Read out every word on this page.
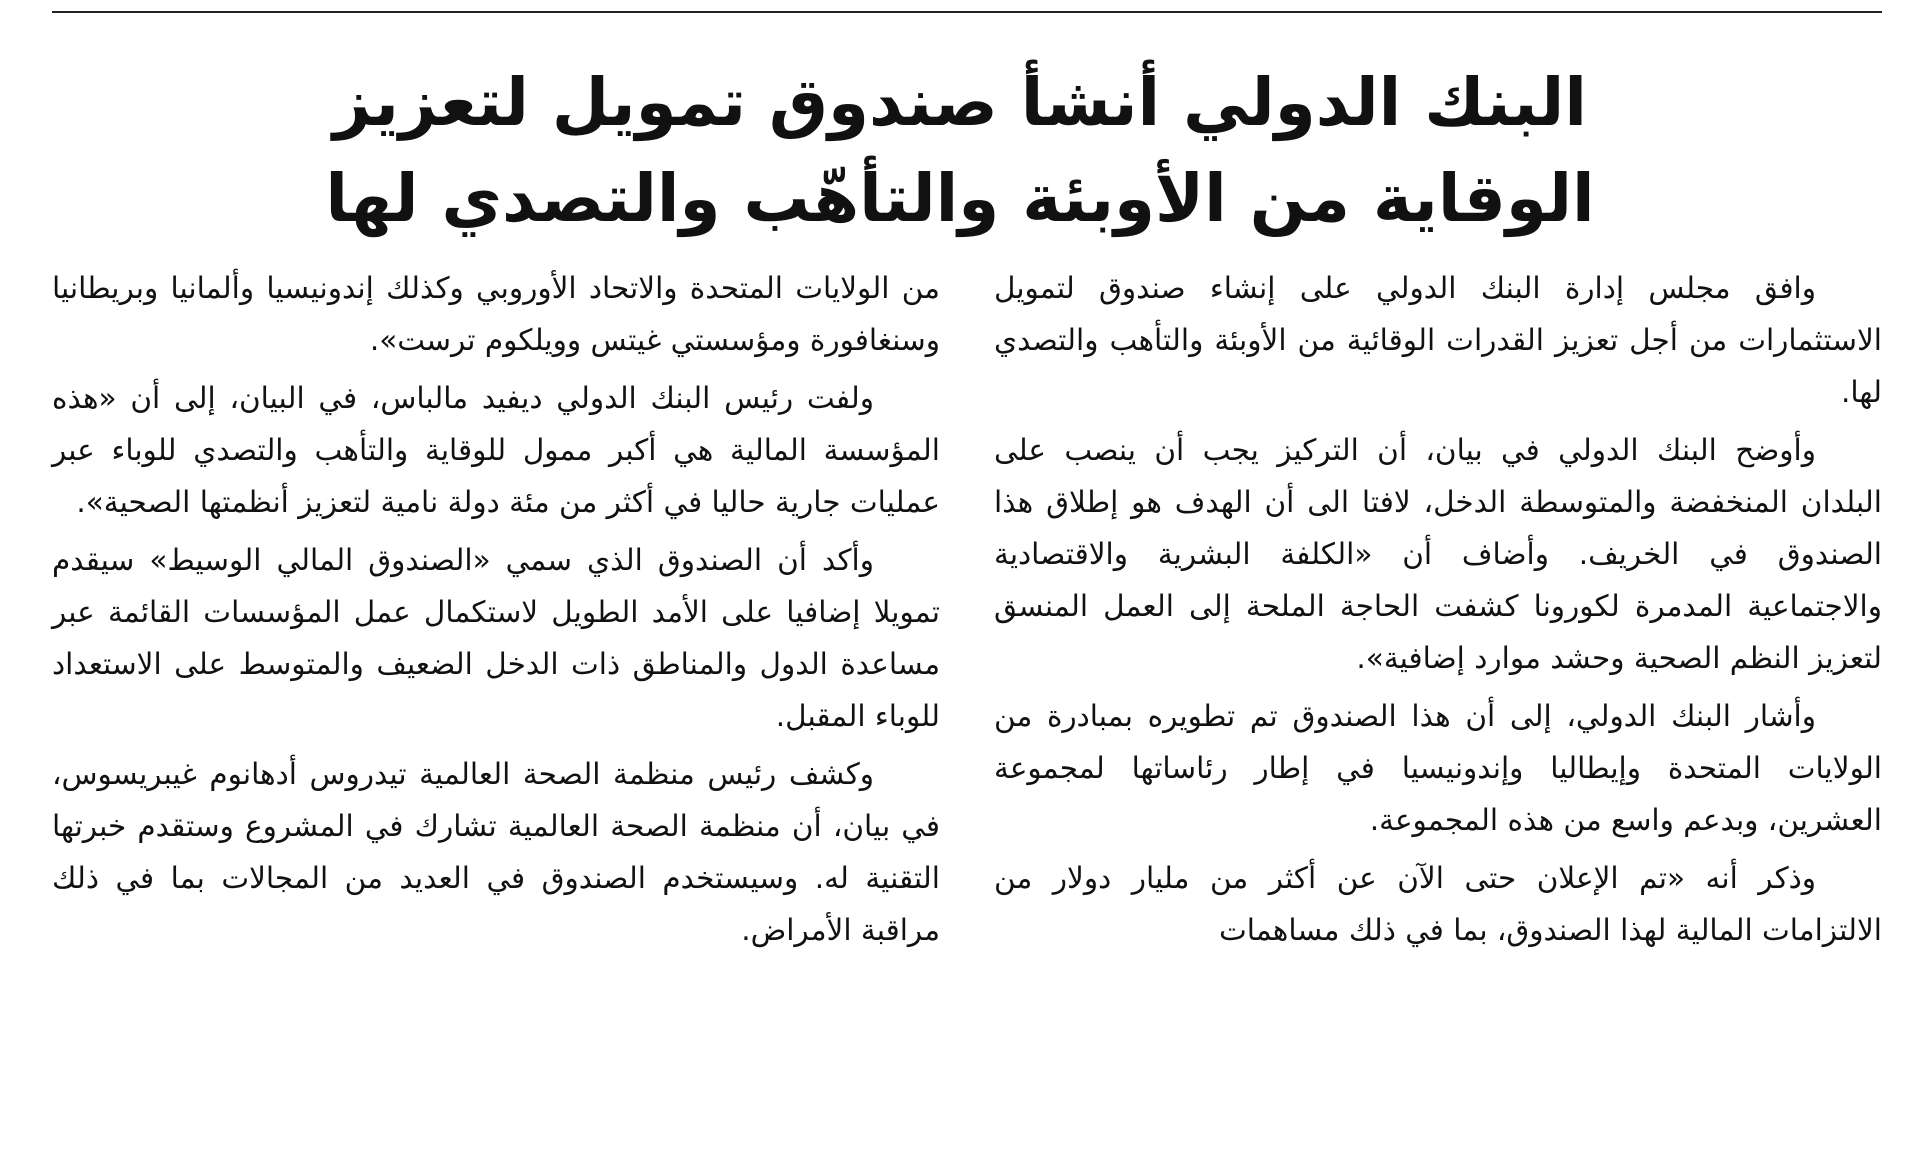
البنك الدولي أنشأ صندوق تمويل لتعزيز
الوقاية من الأوبئة والتأهّب والتصدي لها

وافق مجلس إدارة البنك الدولي على إنشاء صندوق لتمويل الاستثمارات من أجل تعزيز القدرات الوقائية من الأوبئة والتأهب والتصدي لها.

وأوضح البنك الدولي في بيان، أن التركيز يجب أن ينصب على البلدان المنخفضة والمتوسطة الدخل، لافتا الى أن الهدف هو إطلاق هذا الصندوق في الخريف. وأضاف أن «الكلفة البشرية والاقتصادية والاجتماعية المدمرة لكورونا كشفت الحاجة الملحة إلى العمل المنسق لتعزيز النظم الصحية وحشد موارد إضافية».

وأشار البنك الدولي، إلى أن هذا الصندوق تم تطويره بمبادرة من الولايات المتحدة وإيطاليا وإندونيسيا في إطار رئاساتها لمجموعة العشرين، وبدعم واسع من هذه المجموعة.

وذكر أنه «تم الإعلان حتى الآن عن أكثر من مليار دولار من الالتزامات المالية لهذا الصندوق، بما في ذلك مساهمات

من الولايات المتحدة والاتحاد الأوروبي وكذلك إندونيسيا وألمانيا وبريطانيا وسنغافورة ومؤسستي غيتس وويلكوم ترست».

ولفت رئيس البنك الدولي ديفيد مالباس، في البيان، إلى أن «هذه المؤسسة المالية هي أكبر ممول للوقاية والتأهب والتصدي للوباء عبر عمليات جارية حاليا في أكثر من مئة دولة نامية لتعزيز أنظمتها الصحية».

وأكد أن الصندوق الذي سمي «الصندوق المالي الوسيط» سيقدم تمويلا إضافيا على الأمد الطويل لاستكمال عمل المؤسسات القائمة عبر مساعدة الدول والمناطق ذات الدخل الضعيف والمتوسط على الاستعداد للوباء المقبل.

وكشف رئيس منظمة الصحة العالمية تيدروس أدهانوم غيبريسوس، في بيان، أن منظمة الصحة العالمية تشارك في المشروع وستقدم خبرتها التقنية له. وسيستخدم الصندوق في العديد من المجالات بما في ذلك مراقبة الأمراض.
